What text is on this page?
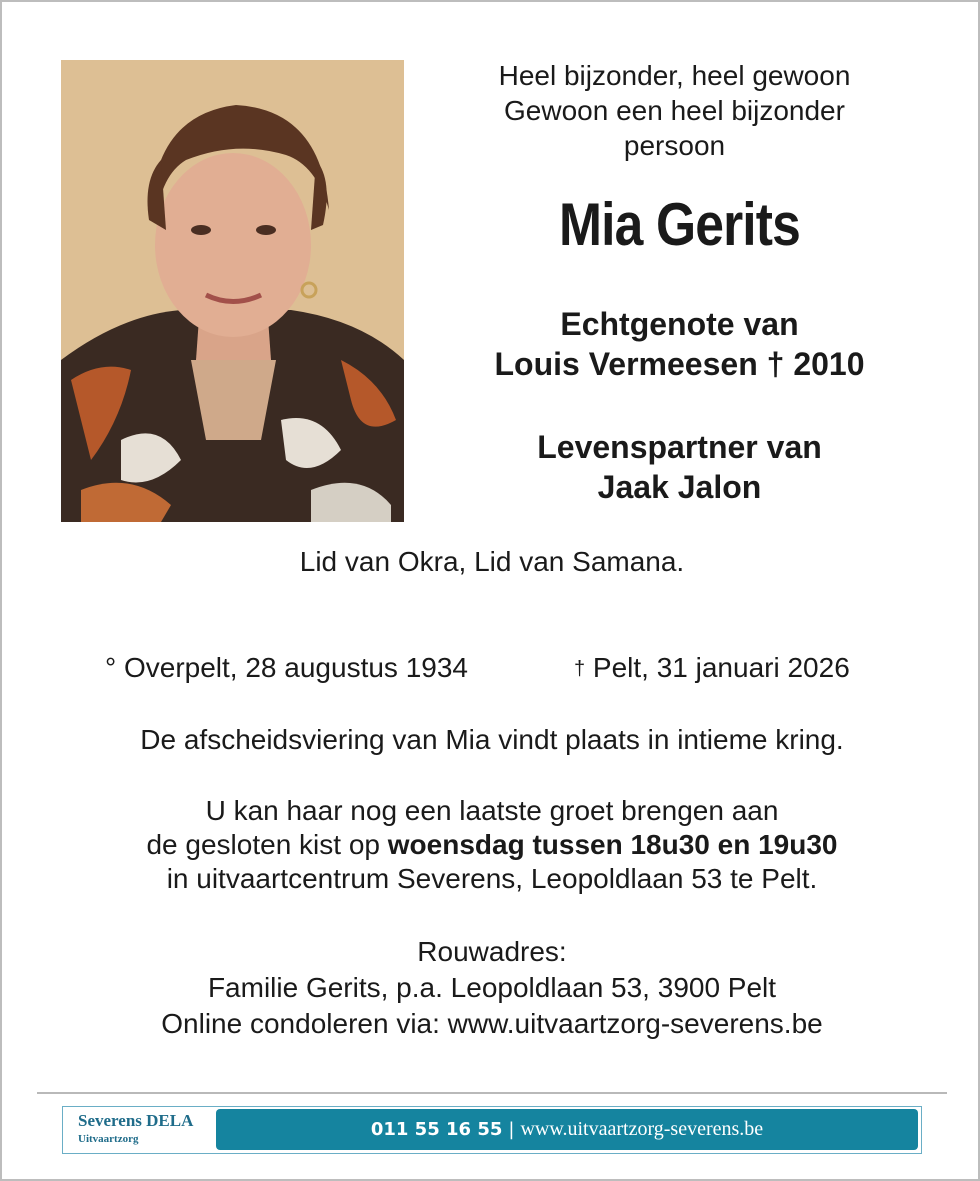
Heel bijzonder, heel gewoon
Gewoon een heel bijzonder
persoon
Mia Gerits
Echtgenote van
Louis Vermeesen † 2010
Levenspartner van
Jaak Jalon
Lid van Okra, Lid van Samana.
° Overpelt, 28 augustus 1934	† Pelt, 31 januari 2026
De afscheidsviering van Mia vindt plaats in intieme kring.
U kan haar nog een laatste groet brengen aan
de gesloten kist op woensdag tussen 18u30 en 19u30
in uitvaartcentrum Severens, Leopoldlaan 53 te Pelt.
Rouwadres:
Familie Gerits, p.a. Leopoldlaan 53, 3900 Pelt
Online condoleren via: www.uitvaartzorg-severens.be
Severens DELA
Uitvaartzorg	011 55 16 55 | www.uitvaartzorg-severens.be
